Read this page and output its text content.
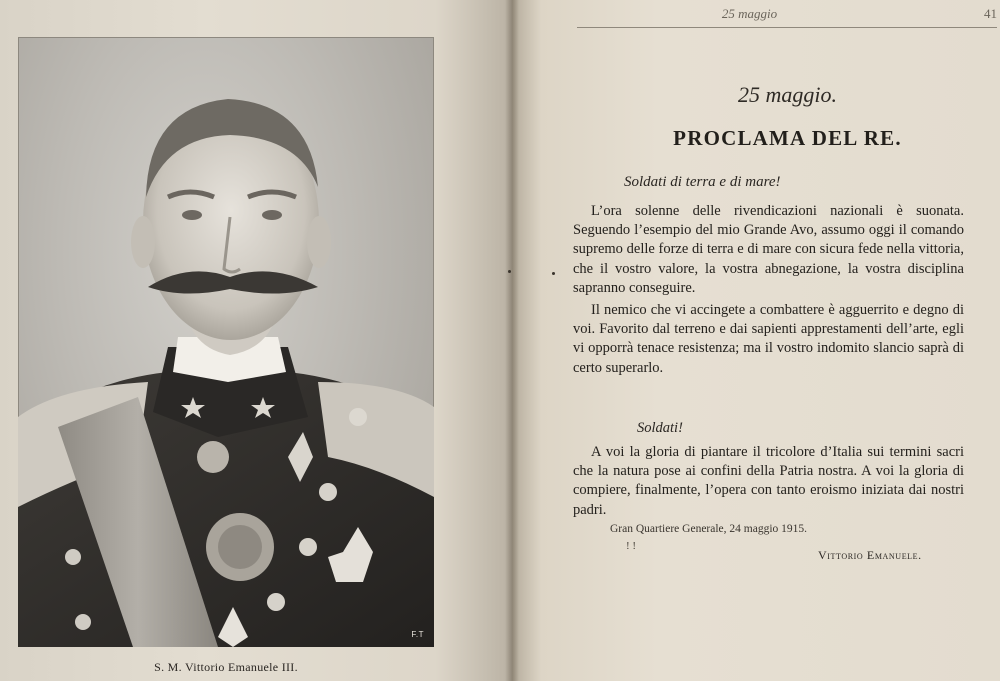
F.T
S. M. Vittorio Emanuele III.
25 maggio	41
25 maggio.
PROCLAMA DEL RE.
Soldati di terra e di mare!

L’ora solenne delle rivendicazioni nazionali è suonata. Seguendo l’esempio del mio Grande Avo, assumo oggi il comando supremo delle forze di terra e di mare con sicura fede nella vittoria, che il vostro valore, la vostra abnegazione, la vostra disciplina sapranno conseguire.

Il nemico che vi accingete a combattere è agguerrito e degno di voi. Favorito dal terreno e dai sapienti apprestamenti dell’arte, egli vi opporrà tenace resistenza; ma il vostro indomito slancio saprà di certo superarlo.

Soldati!

A voi la gloria di piantare il tricolore d’Italia sui termini sacri che la natura pose ai confini della Patria nostra. A voi la gloria di compiere, finalmente, l’opera con tanto eroismo iniziata dai nostri padri.

Gran Quartiere Generale, 24 maggio 1915.
! !
Vittorio Emanuele.
